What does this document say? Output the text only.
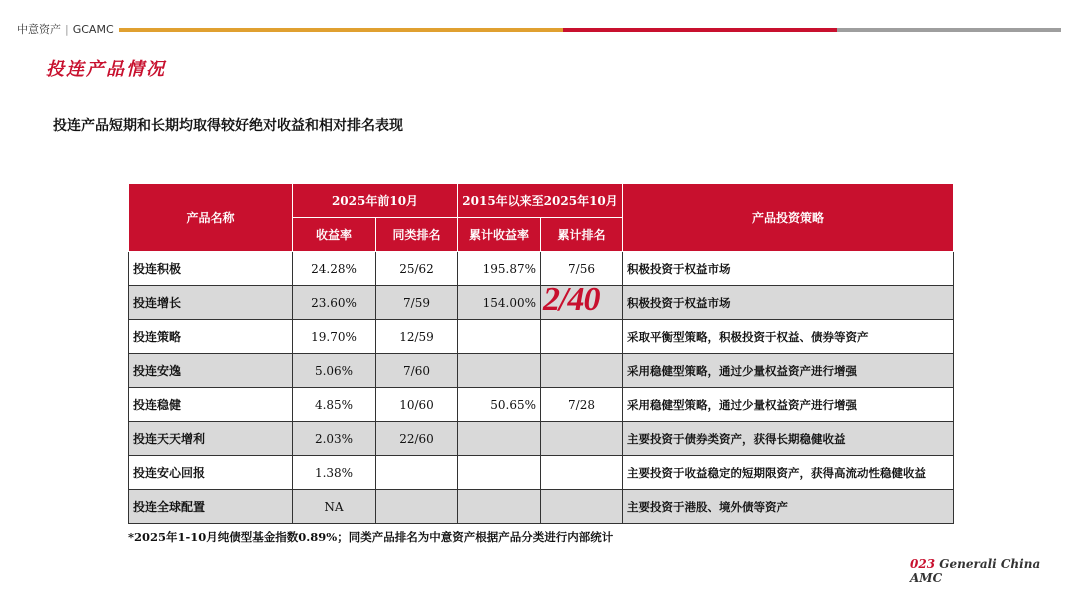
中意资产 | GCAMC
投连产品情况
投连产品短期和长期均取得较好绝对收益和相对排名表现
产品名称	2025年前10月		2015年以来至2025年10月		产品投资策略
	收益率	同类排名	累计收益率	累计排名	
投连积极	24.28%	25/62	195.87%	7/56	积极投资于权益市场
投连增长	23.60%	7/59	154.00%	2/40	积极投资于权益市场
投连策略	19.70%	12/59			采取平衡型策略，积极投资于权益、债券等资产
投连安逸	5.06%	7/60			采用稳健型策略，通过少量权益资产进行增强
投连稳健	4.85%	10/60	50.65%	7/28	采用稳健型策略，通过少量权益资产进行增强
投连天天增利	2.03%	22/60			主要投资于债券类资产，获得长期稳健收益
投连安心回报	1.38%				主要投资于收益稳定的短期限资产，获得高流动性稳健收益
投连全球配置	NA				主要投资于港股、境外债等资产
*2025年1-10月纯债型基金指数0.89%；同类产品排名为中意资产根据产品分类进行内部统计
023 Generali China AMC
